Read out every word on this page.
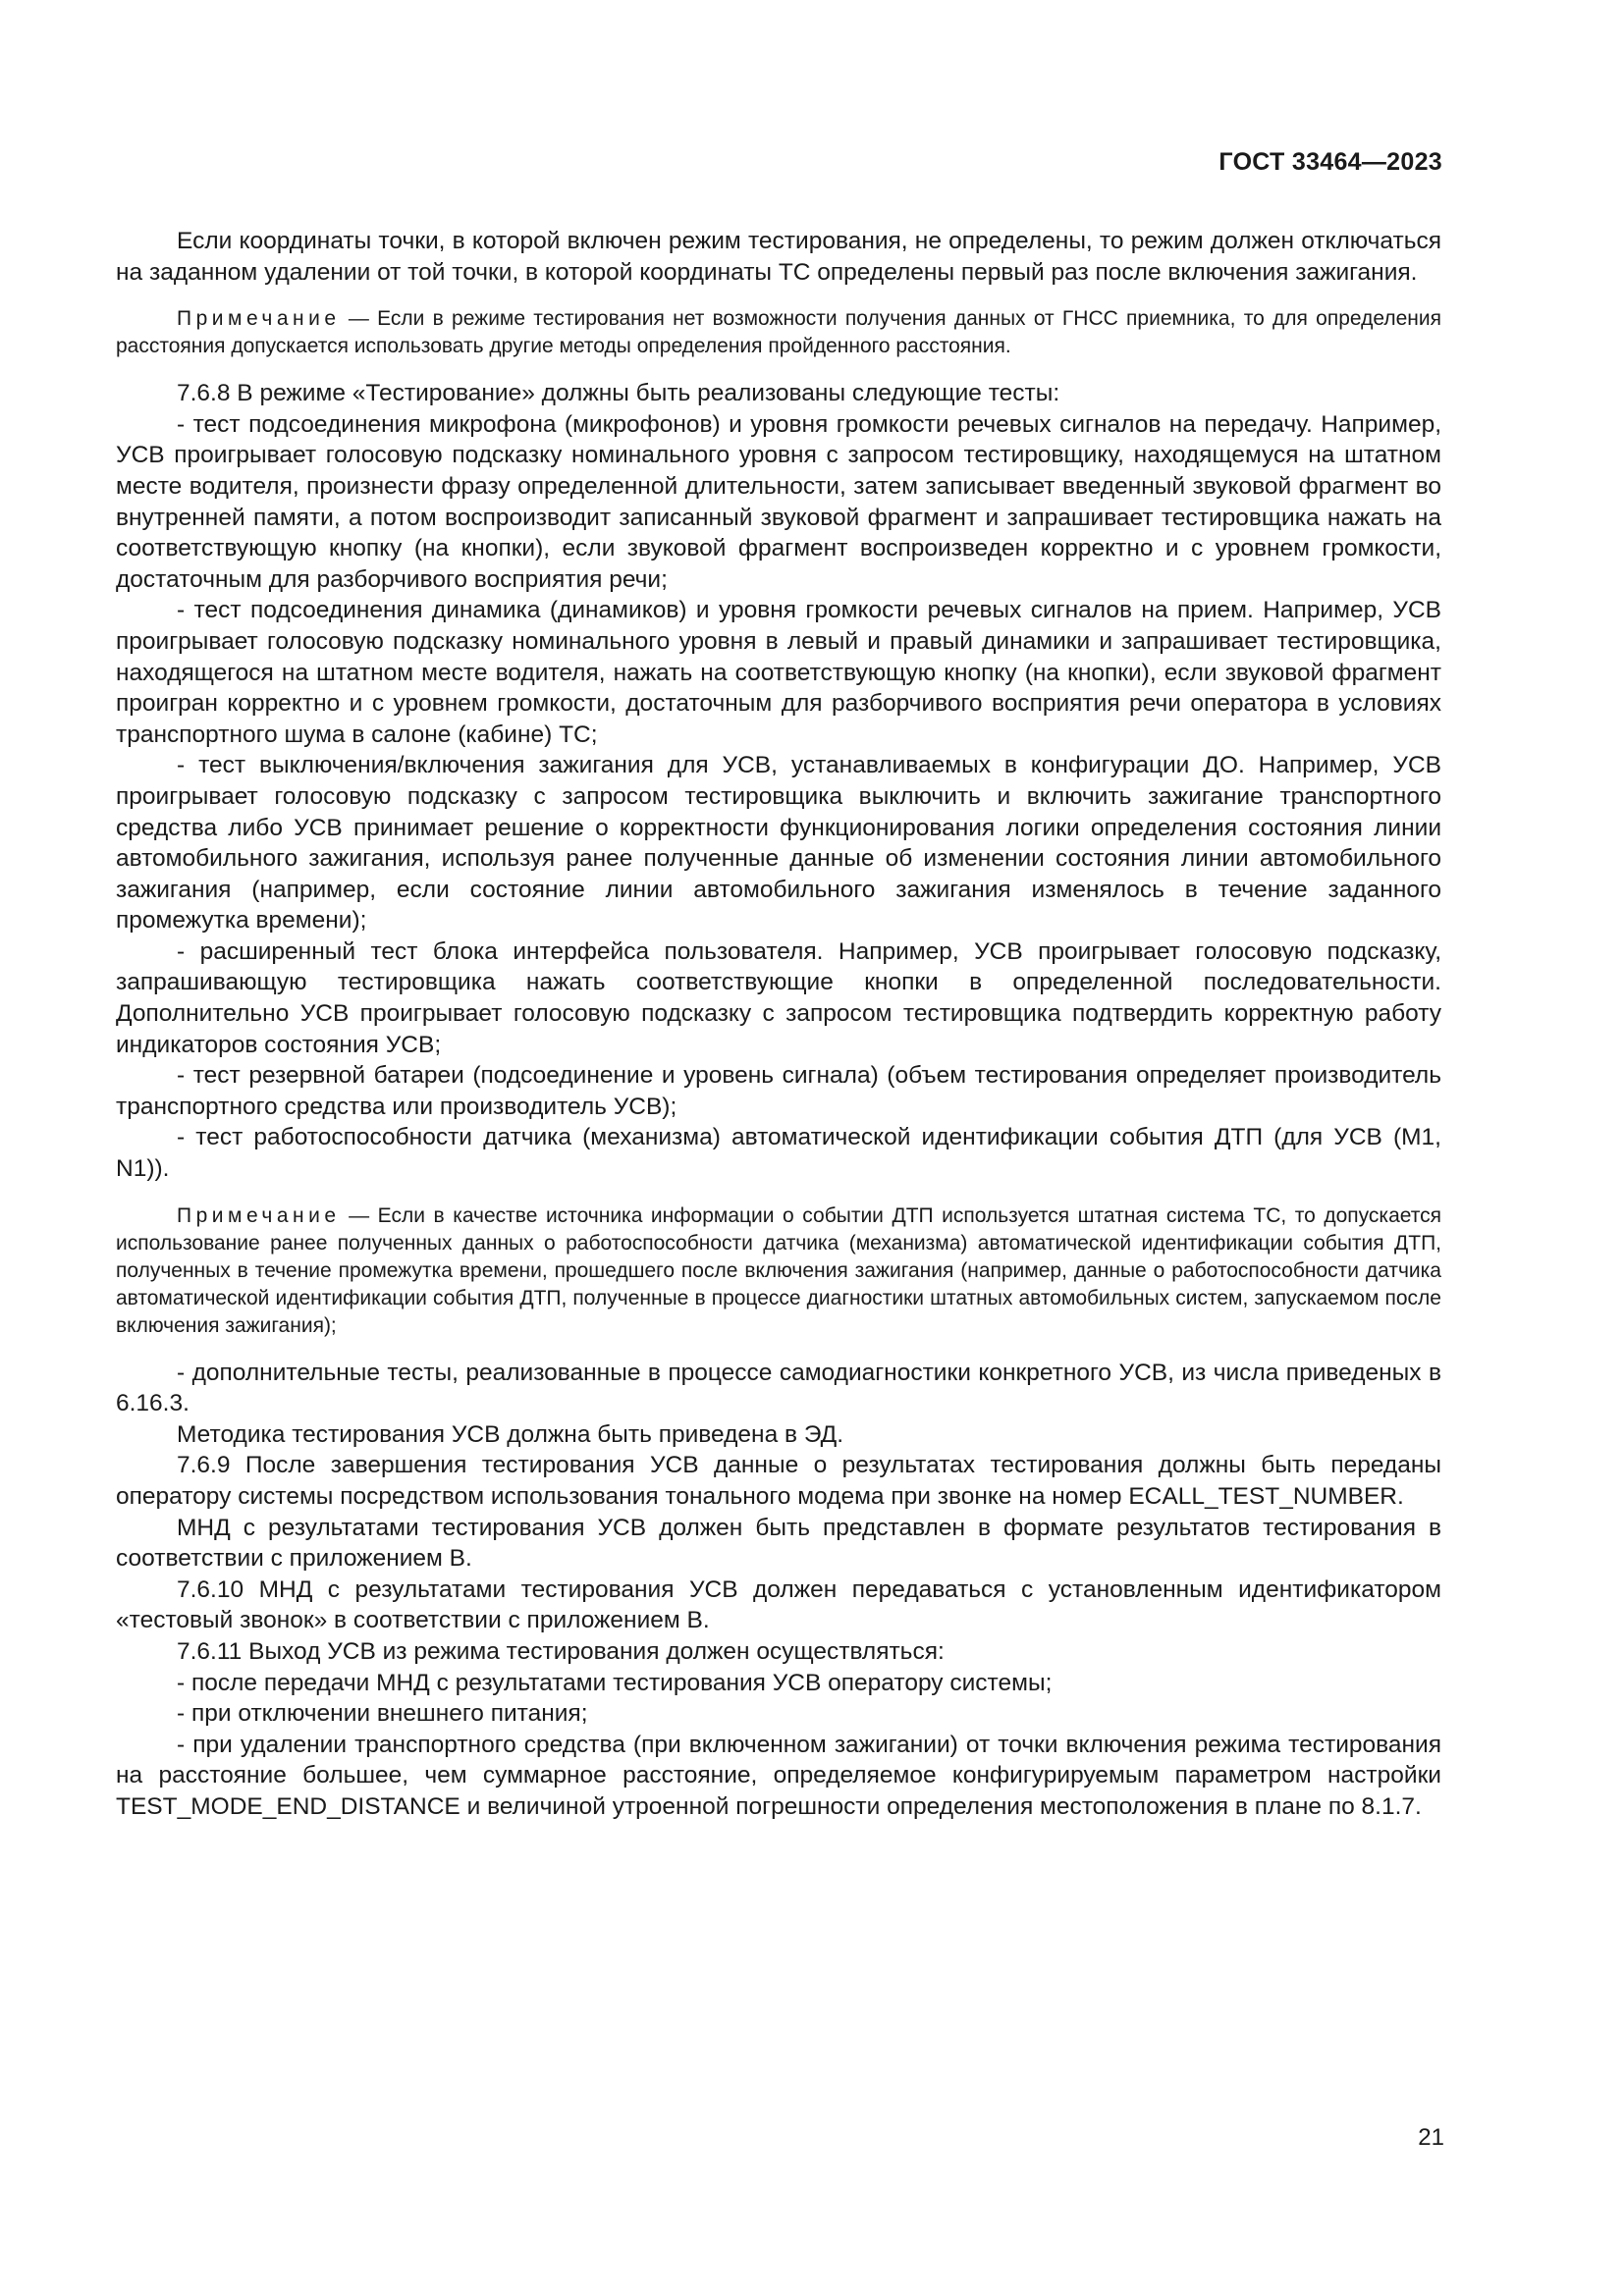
ГОСТ 33464—2023

Если координаты точки, в которой включен режим тестирования, не определены, то режим должен отключаться на заданном удалении от той точки, в которой координаты ТС определены первый раз после включения зажигания.

Примечание — Если в режиме тестирования нет возможности получения данных от ГНСС приемника, то для определения расстояния допускается использовать другие методы определения пройденного расстояния.

7.6.8 В режиме «Тестирование» должны быть реализованы следующие тесты:

- тест подсоединения микрофона (микрофонов) и уровня громкости речевых сигналов на передачу. Например, УСВ проигрывает голосовую подсказку номинального уровня с запросом тестировщику, находящемуся на штатном месте водителя, произнести фразу определенной длительности, затем записывает введенный звуковой фрагмент во внутренней памяти, а потом воспроизводит записанный звуковой фрагмент и запрашивает тестировщика нажать на соответствующую кнопку (на кнопки), если звуковой фрагмент воспроизведен корректно и с уровнем громкости, достаточным для разборчивого восприятия речи;

- тест подсоединения динамика (динамиков) и уровня громкости речевых сигналов на прием. Например, УСВ проигрывает голосовую подсказку номинального уровня в левый и правый динамики и запрашивает тестировщика, находящегося на штатном месте водителя, нажать на соответствующую кнопку (на кнопки), если звуковой фрагмент проигран корректно и с уровнем громкости, достаточным для разборчивого восприятия речи оператора в условиях транспортного шума в салоне (кабине) ТС;

- тест выключения/включения зажигания для УСВ, устанавливаемых в конфигурации ДО. Например, УСВ проигрывает голосовую подсказку с запросом тестировщика выключить и включить зажигание транспортного средства либо УСВ принимает решение о корректности функционирования логики определения состояния линии автомобильного зажигания, используя ранее полученные данные об изменении состояния линии автомобильного зажигания (например, если состояние линии автомобильного зажигания изменялось в течение заданного промежутка времени);

- расширенный тест блока интерфейса пользователя. Например, УСВ проигрывает голосовую подсказку, запрашивающую тестировщика нажать соответствующие кнопки в определенной последовательности. Дополнительно УСВ проигрывает голосовую подсказку с запросом тестировщика подтвердить корректную работу индикаторов состояния УСВ;

- тест резервной батареи (подсоединение и уровень сигнала) (объем тестирования определяет производитель транспортного средства или производитель УСВ);

- тест работоспособности датчика (механизма) автоматической идентификации события ДТП (для УСВ (М1, N1)).

Примечание — Если в качестве источника информации о событии ДТП используется штатная система ТС, то допускается использование ранее полученных данных о работоспособности датчика (механизма) автоматической идентификации события ДТП, полученных в течение промежутка времени, прошедшего после включения зажигания (например, данные о работоспособности датчика автоматической идентификации события ДТП, полученные в процессе диагностики штатных автомобильных систем, запускаемом после включения зажигания);

- дополнительные тесты, реализованные в процессе самодиагностики конкретного УСВ, из числа приведеных в 6.16.3.

Методика тестирования УСВ должна быть приведена в ЭД.

7.6.9 После завершения тестирования УСВ данные о результатах тестирования должны быть переданы оператору системы посредством использования тонального модема при звонке на номер ECALL_TEST_NUMBER.

МНД с результатами тестирования УСВ должен быть представлен в формате результатов тестирования в соответствии с приложением В.

7.6.10 МНД с результатами тестирования УСВ должен передаваться с установленным идентификатором «тестовый звонок» в соответствии с приложением В.

7.6.11 Выход УСВ из режима тестирования должен осуществляться:

- после передачи МНД с результатами тестирования УСВ оператору системы;

- при отключении внешнего питания;

- при удалении транспортного средства (при включенном зажигании) от точки включения режима тестирования на расстояние большее, чем суммарное расстояние, определяемое конфигурируемым параметром настройки TEST_MODE_END_DISTANCE и величиной утроенной погрешности определения местоположения в плане по 8.1.7.

21
